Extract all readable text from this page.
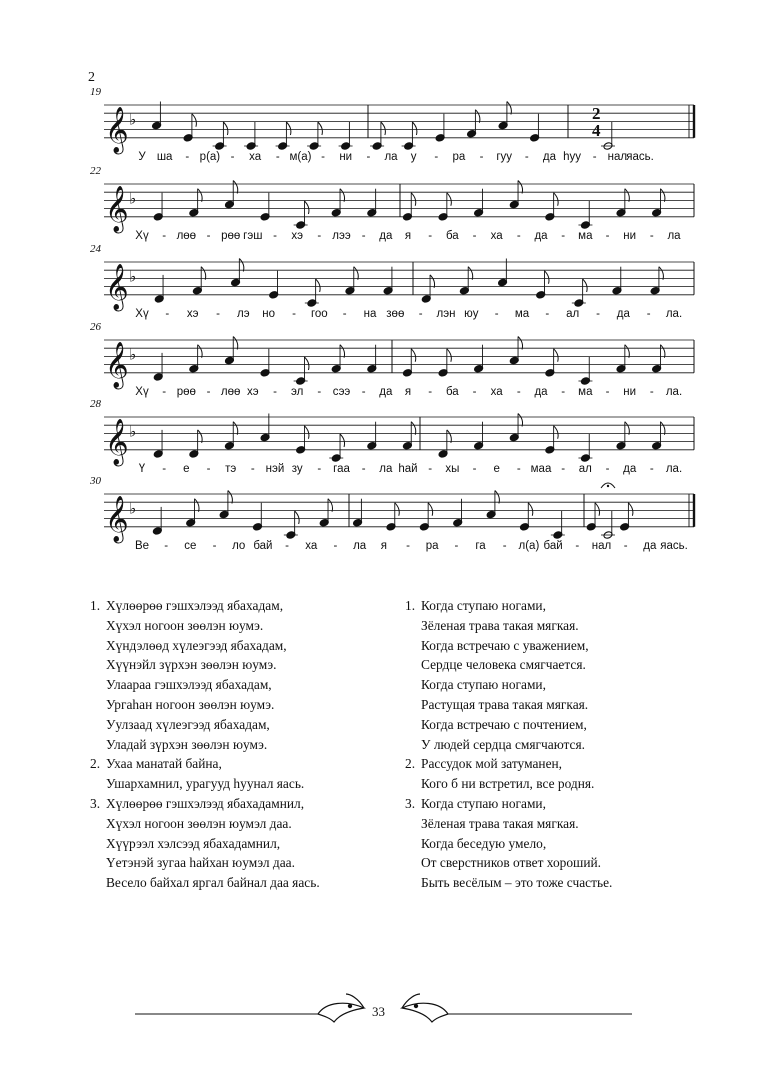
2
19
𝄞 ♭	2
4
У ша - р(а) - ха - м(а) - ни - ла у - ра - гуу - да һуу - нал яась.
22
𝄞 ♭
Хү - лөө - рөө гэш - хэ - лээ - да я - ба - ха - да - ма - ни - ла
24
𝄞 ♭
Хү - хэ - лэ но - гоо - на зөө - лэн юу - ма - ал - да - ла.
26
𝄞 ♭
Хү - рөө - лөө хэ - эл - сээ - да я - ба - ха - да - ма - ни - ла.
28
𝄞 ♭
Ү - е - тэ - нэй зу - гаа - ла һай - хы - е - маа - ал - да - ла.
30
𝄞 ♭
Ве - се - ло бай - ха - ла я - ра - га - л(а) бай - нал - да яась.
1. Хүлөөрөө гэшхэлээд ябахадам,
Хүхэл ногоон зөөлэн юумэ.
Хүндэлөөд хүлеэгээд ябахадам,
Хүүнэйл зүрхэн зөөлэн юумэ.
Улаараа гэшхэлээд ябахадам,
Ургаhан ногоон зөөлэн юумэ.
Уулзаад хүлеэгээд ябахадам,
Уладай зүрхэн зөөлэн юумэ.
2. Ухаа манатай байна,
Ушархамнил, урагууд һуунал яась.
3. Хүлөөрөө гэшхэлээд ябахадамнил,
Хүхэл ногоон зөөлэн юумэл даа.
Хүүрээл хэлсээд ябахадамнил,
Үетэнэй зугаа hайхан юумэл даа.
Весело байхал яргал байнал даа яась.
1. Когда ступаю ногами,
Зёленая трава такая мягкая.
Когда встречаю с уважением,
Сердце человека смягчается.
Когда ступаю ногами,
Растущая трава такая мягкая.
Когда встречаю с почтением,
У людей сердца смягчаются.
2. Рассудок мой затуманен,
Кого б ни встретил, все родня.
3. Когда ступаю ногами,
Зёленая трава такая мягкая.
Когда беседую умело,
От сверстников ответ хороший.
Быть весёлым – это тоже счастье.
33
